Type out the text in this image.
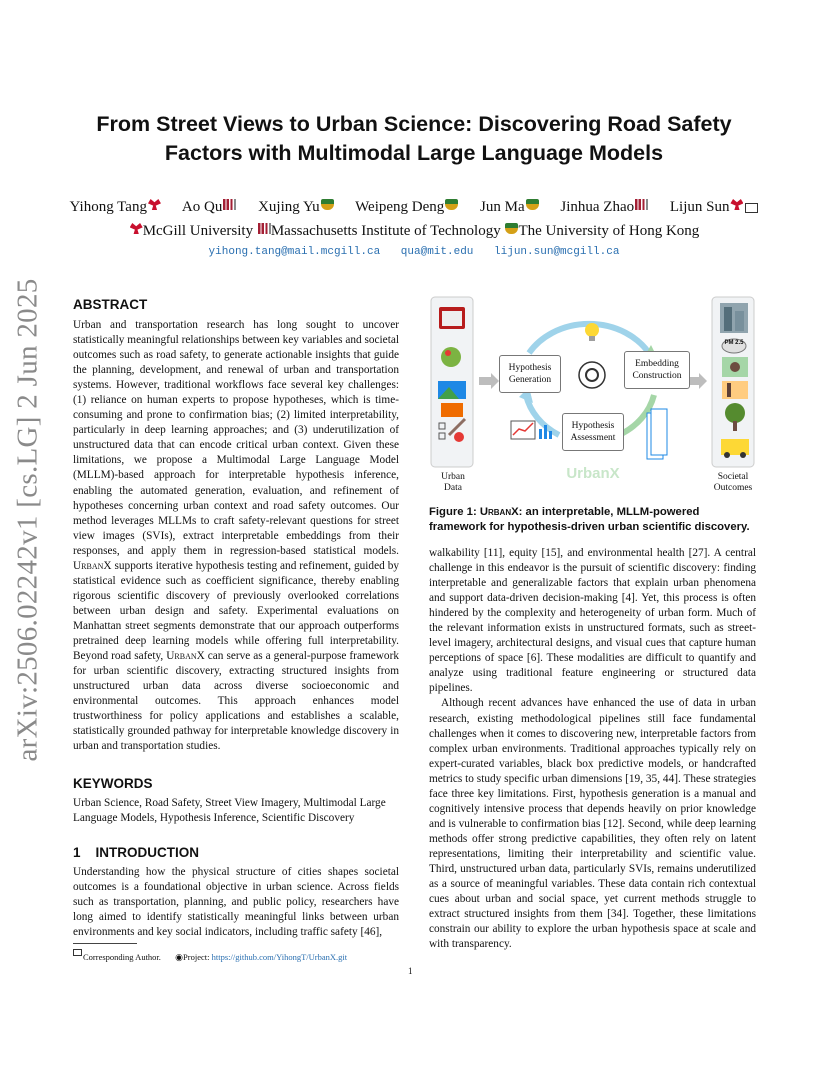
arXiv:2506.02242v1 [cs.LG] 2 Jun 2025
From Street Views to Urban Science: Discovering Road Safety
Factors with Multimodal Large Language Models
Yihong Tang Ao Qu Xujing Yu Weipeng Deng Jun Ma Jinhua Zhao Lijun Sun
McGill University Massachusetts Institute of Technology The University of Hong Kong
yihong.tang@mail.mcgill.ca qua@mit.edu lijun.sun@mcgill.ca
ABSTRACT

Urban and transportation research has long sought to uncover statistically meaningful relationships between key variables and societal outcomes such as road safety, to generate actionable insights that guide the planning, development, and renewal of urban and transportation systems. However, traditional workflows face several key challenges: (1) reliance on human experts to propose hypotheses, which is time-consuming and prone to confirmation bias; (2) limited interpretability, particularly in deep learning approaches; and (3) underutilization of unstructured data that can encode critical urban context. Given these limitations, we propose a Multimodal Large Language Model (MLLM)-based approach for interpretable hypothesis inference, enabling the automated generation, evaluation, and refinement of hypotheses concerning urban context and road safety outcomes. Our method leverages MLLMs to craft safety-relevant questions for street view images (SVIs), extract interpretable embeddings from their responses, and apply them in regression-based statistical models. UrbanX supports iterative hypothesis testing and refinement, guided by statistical evidence such as coefficient significance, thereby enabling rigorous scientific discovery of previously overlooked correlations between urban design and safety. Experimental evaluations on Manhattan street segments demonstrate that our approach outperforms pretrained deep learning models while offering full interpretability. Beyond road safety, UrbanX can serve as a general-purpose framework for urban scientific discovery, extracting structured insights from unstructured urban data across diverse socioeconomic and environmental outcomes. This approach enhances model trustworthiness for policy applications and establishes a scalable, statistically grounded pathway for interpretable knowledge discovery in urban and transportation studies.

KEYWORDS
Urban Science, Road Safety, Street View Imagery, Multimodal Large Language Models, Hypothesis Inference, Scientific Discovery
1    INTRODUCTION
Understanding how the physical structure of cities shapes societal outcomes is a foundational objective in urban science. Across fields such as transportation, planning, and public policy, researchers have long aimed to identify statistically meaningful links between urban environments and key social indicators, including traffic safety [46],
Corresponding Author. ◉Project: https://github.com/YihongT/UrbanX.git
Hypothesis
Generation
Embedding
Construction
Hypothesis
Assessment
UrbanX
PM 2.5
Urban
Data
Societal
Outcomes
Figure 1: UrbanX: an interpretable, MLLM-powered framework for hypothesis-driven urban scientific discovery.

walkability [11], equity [15], and environmental health [27]. A central challenge in this endeavor is the pursuit of scientific discovery: finding interpretable and generalizable factors that explain urban phenomena and support data-driven decision-making [4]. Yet, this process is often hindered by the complexity and heterogeneity of urban form. Much of the relevant information exists in unstructured formats, such as street-level imagery, architectural designs, and visual cues that capture human perceptions of space [6]. These modalities are difficult to quantify and analyze using traditional feature engineering or structured data pipelines.

Although recent advances have enhanced the use of data in urban research, existing methodological pipelines still face fundamental challenges when it comes to discovering new, interpretable factors from complex urban environments. Traditional approaches typically rely on expert-curated variables, black box predictive models, or handcrafted metrics to study specific urban dimensions [19, 35, 44]. These strategies face three key limitations. First, hypothesis generation is a manual and cognitively intensive process that depends heavily on prior knowledge and is vulnerable to confirmation bias [12]. Second, while deep learning methods offer strong predictive capabilities, they often rely on latent representations, limiting their interpretability and scientific value. Third, unstructured urban data, particularly SVIs, remains underutilized as a source of meaningful variables. These data contain rich contextual cues about urban and social space, yet current methods struggle to extract structured insights from them [34]. Together, these limitations constrain our ability to explore the urban hypothesis space at scale and with transparency.

1
